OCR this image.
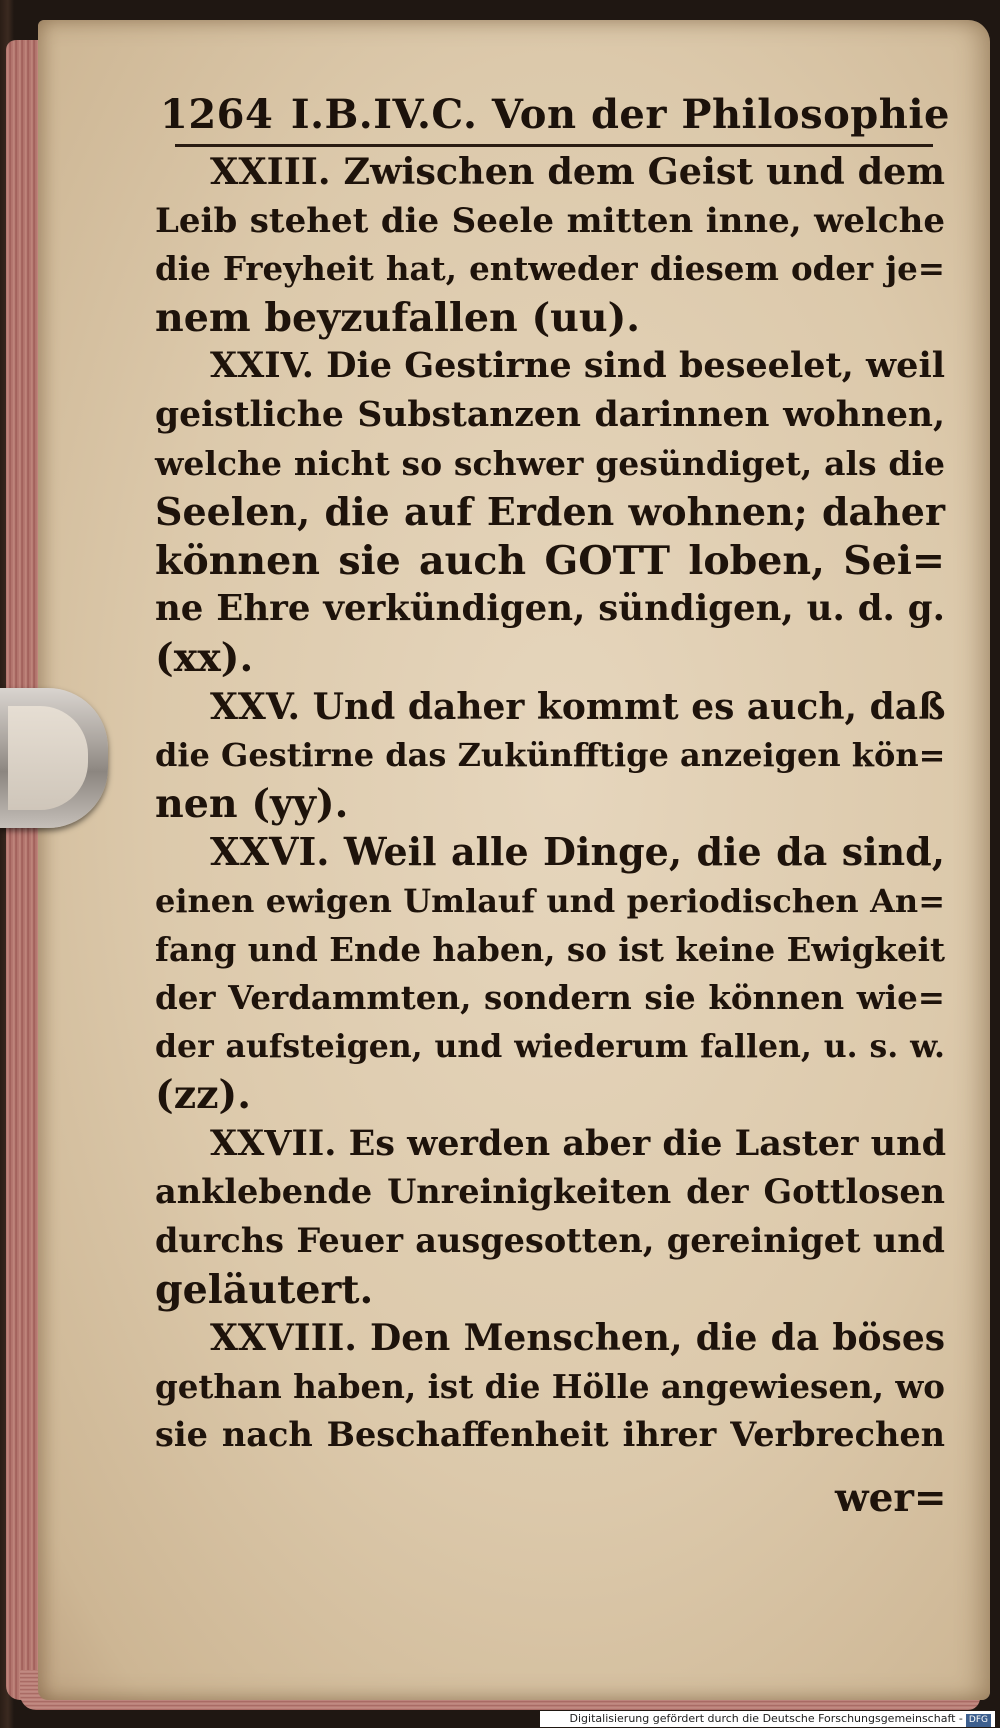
1264 I.B.IV.C. Von der Philosophie
XXIII. Zwischen dem Geist und dem
Leib stehet die Seele mitten inne, welche
die Freyheit hat, entweder diesem oder je=
nem beyzufallen (uu).
XXIV. Die Gestirne sind beseelet, weil
geistliche Substanzen darinnen wohnen,
welche nicht so schwer gesündiget, als die
Seelen, die auf Erden wohnen; daher
können sie auch GOTT loben, Sei=
ne Ehre verkündigen, sündigen, u. d. g.
(xx).
XXV. Und daher kommt es auch, daß
die Gestirne das Zukünfftige anzeigen kön=
nen (yy).
XXVI. Weil alle Dinge, die da sind,
einen ewigen Umlauf und periodischen An=
fang und Ende haben, so ist keine Ewigkeit
der Verdammten, sondern sie können wie=
der aufsteigen, und wiederum fallen, u. s. w.
(zz).
XXVII. Es werden aber die Laster und
anklebende Unreinigkeiten der Gottlosen
durchs Feuer ausgesotten, gereiniget und
geläutert.
XXVIII. Den Menschen, die da böses
gethan haben, ist die Hölle angewiesen, wo
sie nach Beschaffenheit ihrer Verbrechen
wer=
Digitalisierung gefördert durch die Deutsche Forschungsgemeinschaft - DFG
